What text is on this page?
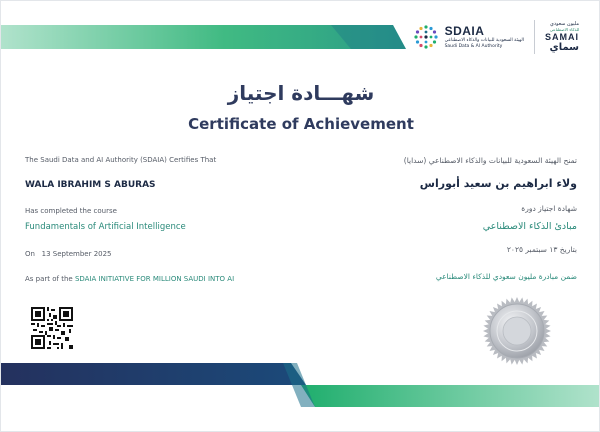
SDAIA
الهيئة السعودية للبيانات والذكاء الاصطناعي
Saudi Data & AI Authority
مليون سعودي
للذكاء الاصطناعي
SAMAI
سماي
شهـــادة اجتياز
Certificate of Achievement
The Saudi Data and AI Authority (SDAIA) Certifies That
WALA IBRAHIM S ABURAS
Has completed the course
Fundamentals of Artificial Intelligence
On 13 September 2025
As part of the SDAIA INITIATIVE FOR MILLION SAUDI INTO AI
تمنح الهيئة السعودية للبيانات والذكاء الاصطناعي (سدايا)
ولاء ابراهيم بن سعيد أبوراس
شهادة اجتياز دورة
مبادئ الذكاء الاصطناعي
بتاريخ ١٣ سبتمبر ٢٠٢٥
ضمن مبادرة مليون سعودي للذكاء الاصطناعي
